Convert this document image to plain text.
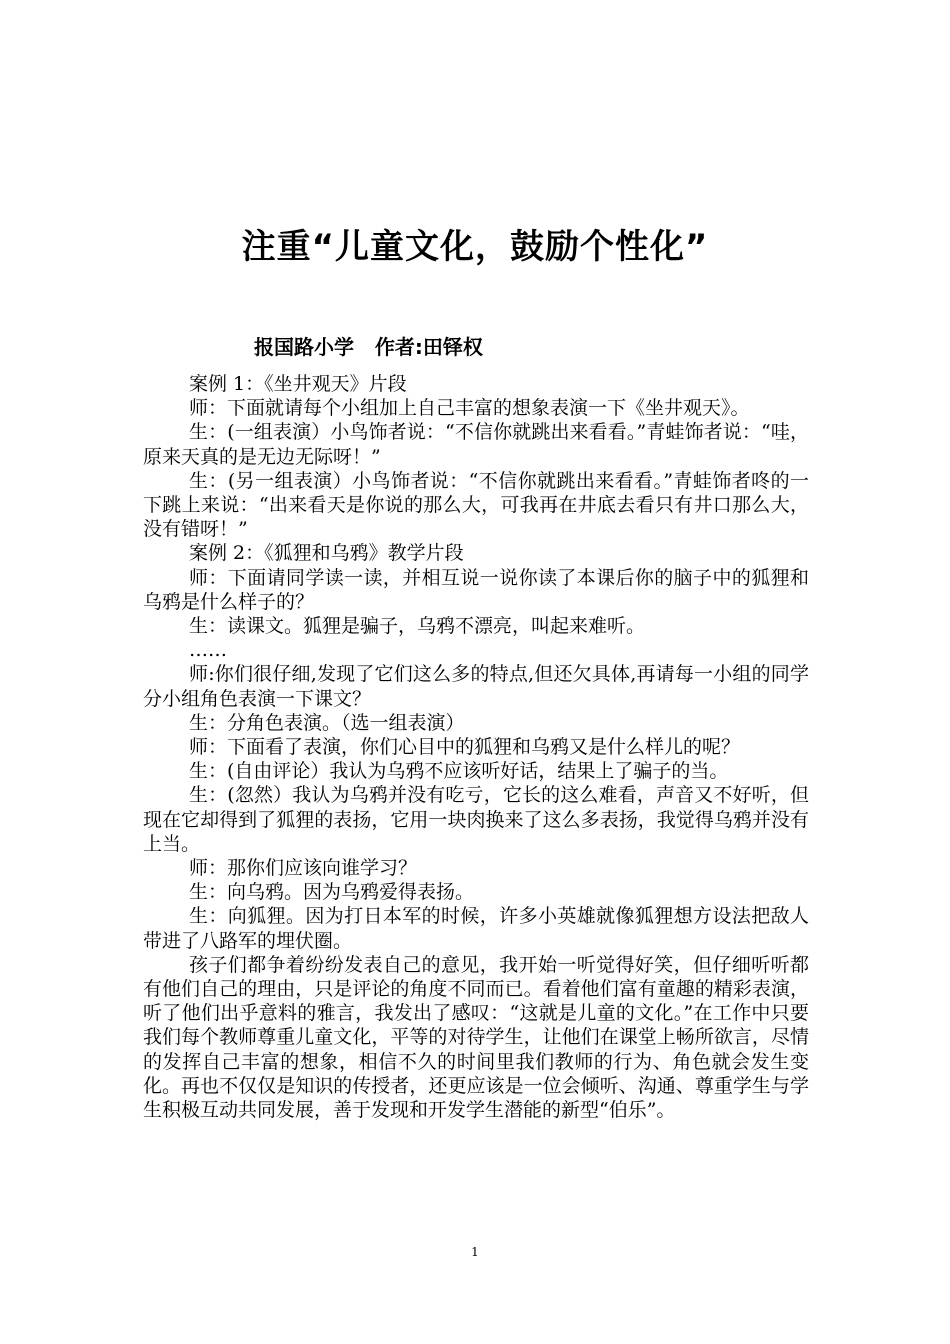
注重“儿童文化，鼓励个性化”
报国路小学   作者:田铎权

案例 1：《坐井观天》片段

师：下面就请每个小组加上自己丰富的想象表演一下《坐井观天》。

生：(一组表演）小鸟饰者说：“不信你就跳出来看看。”青蛙饰者说：“哇，原来天真的是无边无际呀！”

生：(另一组表演）小鸟饰者说：“不信你就跳出来看看。”青蛙饰者咚的一下跳上来说：“出来看天是你说的那么大，可我再在井底去看只有井口那么大，没有错呀！”

案例 2：《狐狸和乌鸦》教学片段

师：下面请同学读一读，并相互说一说你读了本课后你的脑子中的狐狸和乌鸦是什么样子的？

生：读课文。狐狸是骗子，乌鸦不漂亮，叫起来难听。

……

师:你们很仔细,发现了它们这么多的特点,但还欠具体,再请每一小组的同学分小组角色表演一下课文？

生：分角色表演。（选一组表演）

师：下面看了表演，你们心目中的狐狸和乌鸦又是什么样儿的呢？

生：(自由评论）我认为乌鸦不应该听好话，结果上了骗子的当。

生：(忽然）我认为乌鸦并没有吃亏，它长的这么难看，声音又不好听，但现在它却得到了狐狸的表扬，它用一块肉换来了这么多表扬，我觉得乌鸦并没有上当。

师：那你们应该向谁学习？

生：向乌鸦。因为乌鸦爱得表扬。

生：向狐狸。因为打日本军的时候，许多小英雄就像狐狸想方设法把敌人带进了八路军的埋伏圈。

孩子们都争着纷纷发表自己的意见，我开始一听觉得好笑，但仔细听听都有他们自己的理由，只是评论的角度不同而已。看着他们富有童趣的精彩表演，听了他们出乎意料的雅言，我发出了感叹：“这就是儿童的文化。”在工作中只要我们每个教师尊重儿童文化，平等的对待学生，让他们在课堂上畅所欲言，尽情的发挥自己丰富的想象，相信不久的时间里我们教师的行为、角色就会发生变化。再也不仅仅是知识的传授者，还更应该是一位会倾听、沟通、尊重学生与学生积极互动共同发展，善于发现和开发学生潜能的新型“伯乐”。

1
